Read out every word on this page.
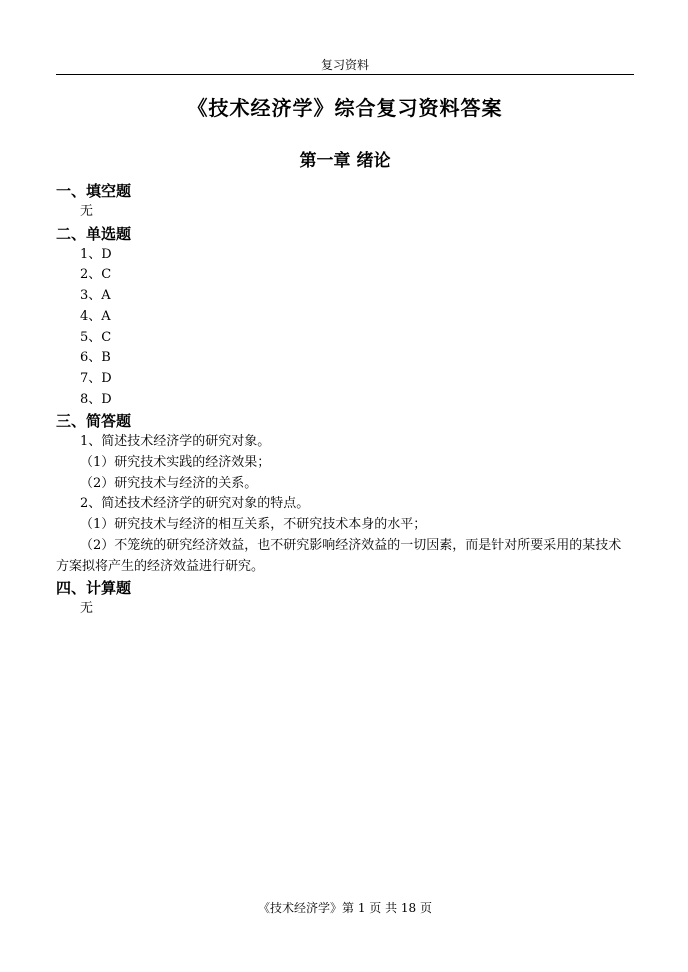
复习资料
《技术经济学》综合复习资料答案
第一章 绪论
一、填空题
无
二、单选题
1、D
2、C
3、A
4、A
5、C
6、B
7、D
8、D
三、简答题
1、简述技术经济学的研究对象。
（1）研究技术实践的经济效果；
（2）研究技术与经济的关系。
2、简述技术经济学的研究对象的特点。
（1）研究技术与经济的相互关系，不研究技术本身的水平；
（2）不笼统的研究经济效益，也不研究影响经济效益的一切因素，而是针对所要采用的某技术方案拟将产生的经济效益进行研究。
四、计算题
无
《技术经济学》第 1 页 共 18 页
